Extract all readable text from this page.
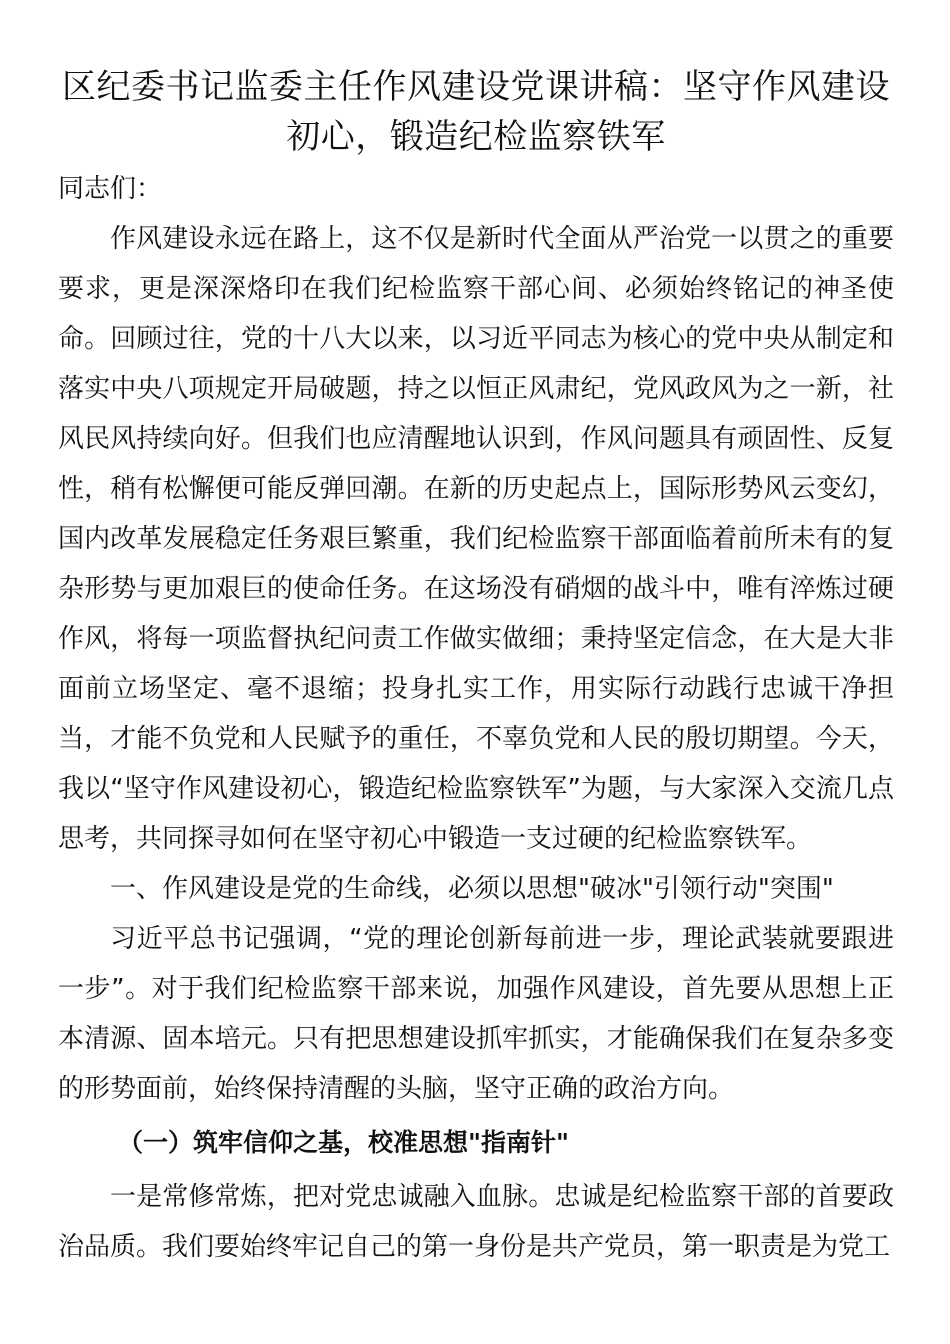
区纪委书记监委主任作风建设党课讲稿：坚守作风建设初心，锻造纪检监察铁军

同志们：

作风建设永远在路上，这不仅是新时代全面从严治党一以贯之的重要要求，更是深深烙印在我们纪检监察干部心间、必须始终铭记的神圣使命。回顾过往，党的十八大以来，以习近平同志为核心的党中央从制定和落实中央八项规定开局破题，持之以恒正风肃纪，党风政风为之一新，社风民风持续向好。但我们也应清醒地认识到，作风问题具有顽固性、反复性，稍有松懈便可能反弹回潮。在新的历史起点上，国际形势风云变幻，国内改革发展稳定任务艰巨繁重，我们纪检监察干部面临着前所未有的复杂形势与更加艰巨的使命任务。在这场没有硝烟的战斗中，唯有淬炼过硬作风，将每一项监督执纪问责工作做实做细；秉持坚定信念，在大是大非面前立场坚定、毫不退缩；投身扎实工作，用实际行动践行忠诚干净担当，才能不负党和人民赋予的重任，不辜负党和人民的殷切期望。今天，我以“坚守作风建设初心，锻造纪检监察铁军”为题，与大家深入交流几点思考，共同探寻如何在坚守初心中锻造一支过硬的纪检监察铁军。

一、作风建设是党的生命线，必须以思想"破冰"引领行动"突围"

习近平总书记强调，“党的理论创新每前进一步，理论武装就要跟进一步”。对于我们纪检监察干部来说，加强作风建设，首先要从思想上正本清源、固本培元。只有把思想建设抓牢抓实，才能确保我们在复杂多变的形势面前，始终保持清醒的头脑，坚守正确的政治方向。

（一）筑牢信仰之基，校准思想"指南针"

一是常修常炼，把对党忠诚融入血脉。忠诚是纪检监察干部的首要政治品质。我们要始终牢记自己的第一身份是共产党员，第一职责是为党工
